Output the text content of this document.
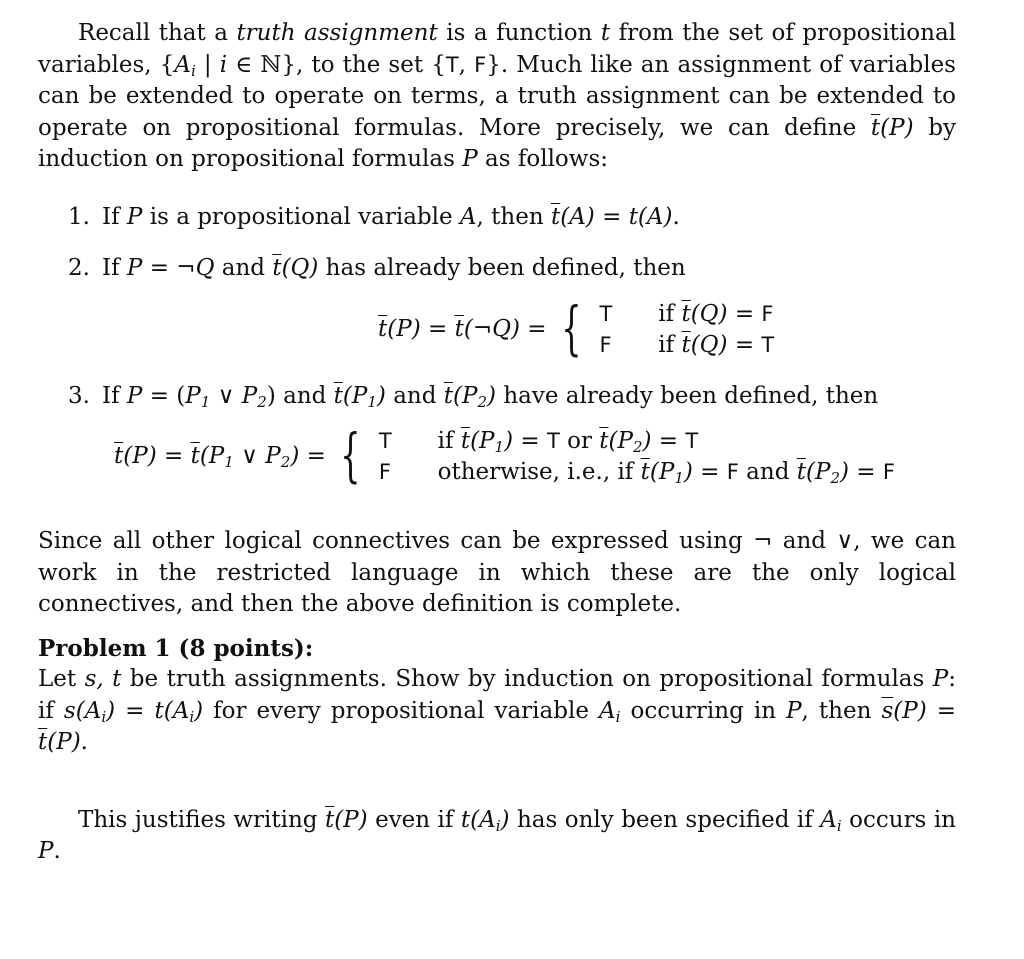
Recall that a truth assignment is a function t from the set of propositional variables, {$A_i$ | i ∈ ℕ}, to the set {T, F}. Much like an assignment of variables can be extended to operate on terms, a truth assignment can be extended to operate on propositional formulas. More precisely, we can define $\overline{t}(P)$ by induction on propositional formulas P as follows:

1. If P is a propositional variable A, then $\overline{t}(A) = t(A)$.
2. If P = ¬Q and $\overline{t}(Q)$ has already been defined, then
$\overline{t}(P)$ = $\overline{t}(\neg Q)$ = { T	if $\overline{t}(Q) = F$
F	if $\overline{t}(Q) = T$
3. If $P = (P_1$ ∨ $P_2$) and $\overline{t}(P_1)$ and $\overline{t}(P_2)$ have already been defined, then
$\overline{t}(P) = \overline{t}(P_1$ ∨ $P_2$) = { T	if $\overline{t}(P_1) = T$ or $\overline{t}(P_2) = T$
F	otherwise, i.e., if $\overline{t}(P_1) = F$ and $\overline{t}(P_2) = F$

Since all other logical connectives can be expressed using ¬ and ∨, we can work in the restricted language in which these are the only logical connectives, and then the above definition is complete.

Problem 1 (8 points):

Let s, t be truth assignments. Show by induction on propositional formulas P: if $s(A_i) = t(A_i)$ for every propositional variable $A_i$ occurring in P, then $\overline{s}(P) = \overline{t}(P)$.

This justifies writing $\overline{t}(P)$ even if $t(A_i)$ has only been specified if $A_i$ occurs in P.
